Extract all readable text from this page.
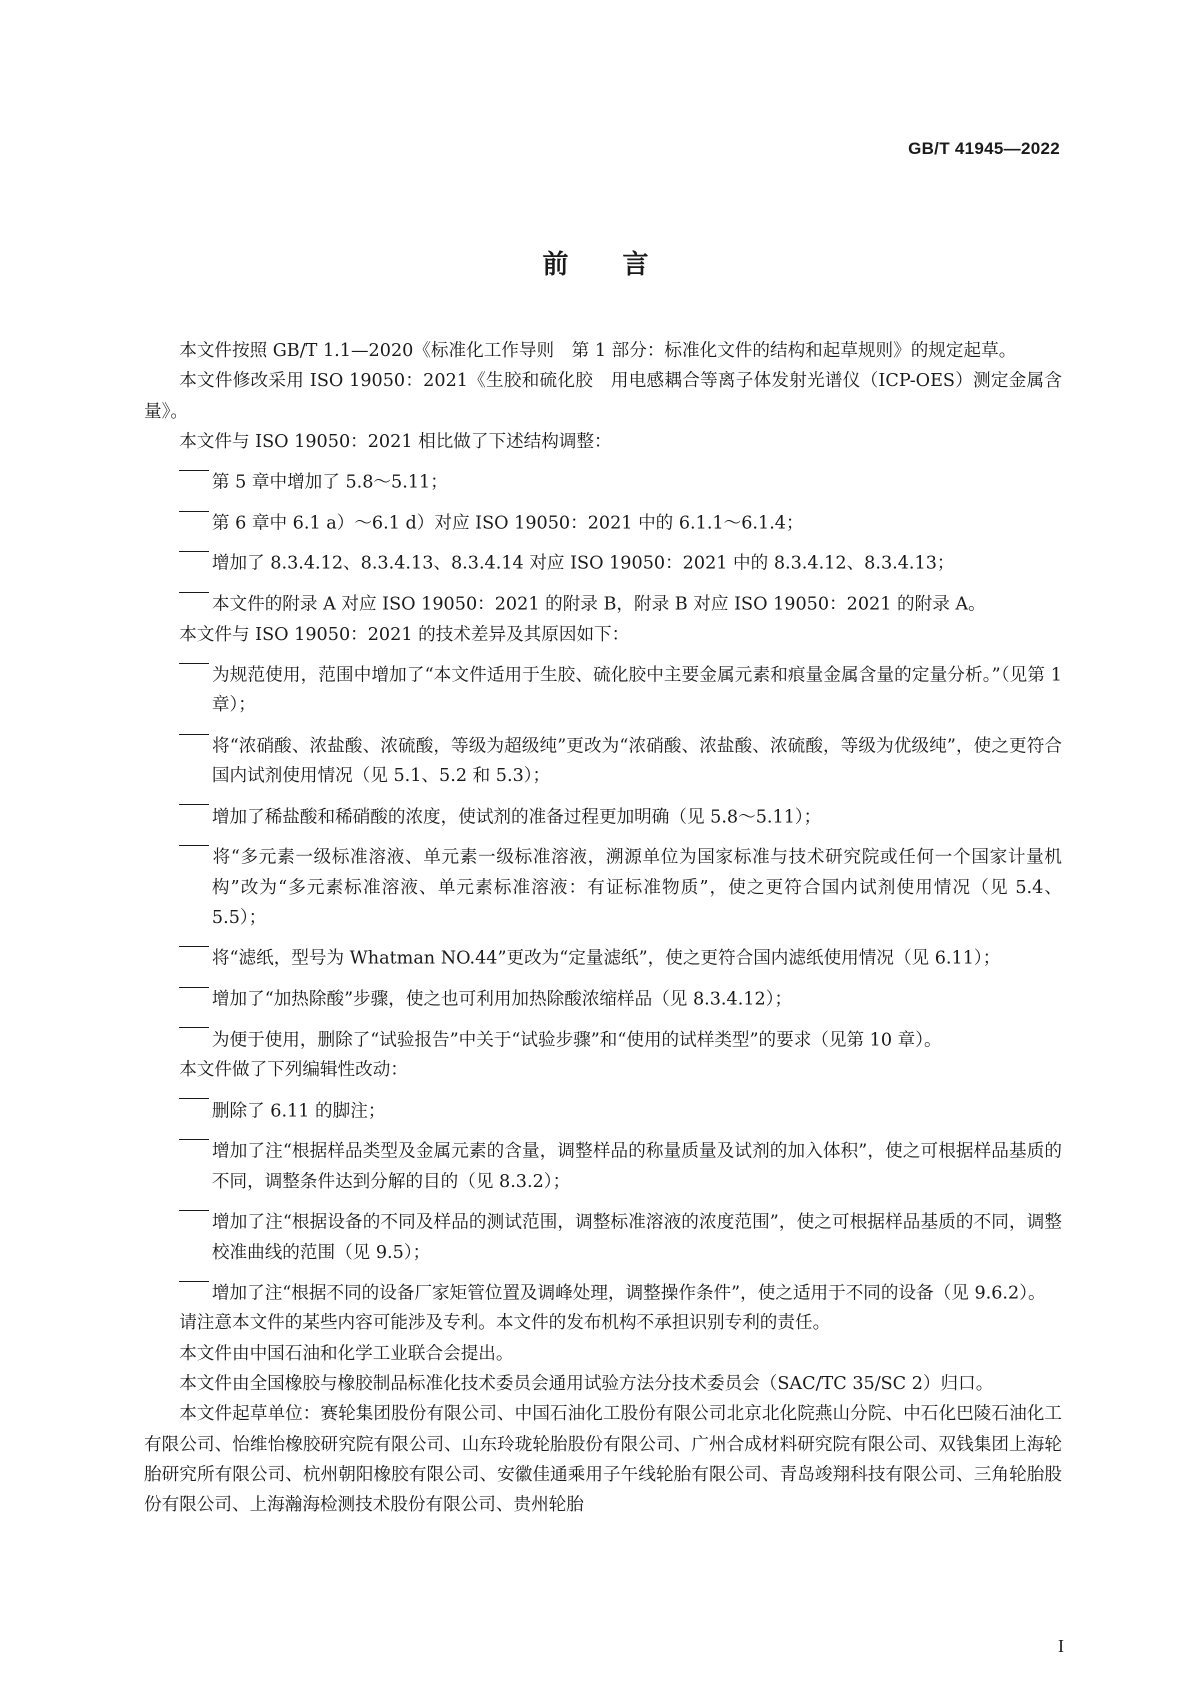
GB/T 41945—2022
前言

本文件按照 GB/T 1.1—2020《标准化工作导则　第 1 部分：标准化文件的结构和起草规则》的规定起草。

本文件修改采用 ISO 19050：2021《生胶和硫化胶　用电感耦合等离子体发射光谱仪（ICP-OES）测定金属含量》。

本文件与 ISO 19050：2021 相比做了下述结构调整：

第 5 章中增加了 5.8～5.11；

第 6 章中 6.1 a）～6.1 d）对应 ISO 19050：2021 中的 6.1.1～6.1.4；

增加了 8.3.4.12、8.3.4.13、8.3.4.14 对应 ISO 19050：2021 中的 8.3.4.12、8.3.4.13；

本文件的附录 A 对应 ISO 19050：2021 的附录 B，附录 B 对应 ISO 19050：2021 的附录 A。

本文件与 ISO 19050：2021 的技术差异及其原因如下：

为规范使用，范围中增加了“本文件适用于生胶、硫化胶中主要金属元素和痕量金属含量的定量分析。”（见第 1 章）；

将“浓硝酸、浓盐酸、浓硫酸，等级为超级纯”更改为“浓硝酸、浓盐酸、浓硫酸，等级为优级纯”，使之更符合国内试剂使用情况（见 5.1、5.2 和 5.3）；

增加了稀盐酸和稀硝酸的浓度，使试剂的准备过程更加明确（见 5.8～5.11）；

将“多元素一级标准溶液、单元素一级标准溶液，溯源单位为国家标准与技术研究院或任何一个国家计量机构”改为“多元素标准溶液、单元素标准溶液：有证标准物质”，使之更符合国内试剂使用情况（见 5.4、5.5）；

将“滤纸，型号为 Whatman NO.44”更改为“定量滤纸”，使之更符合国内滤纸使用情况（见 6.11）；

增加了“加热除酸”步骤，使之也可利用加热除酸浓缩样品（见 8.3.4.12）；

为便于使用，删除了“试验报告”中关于“试验步骤”和“使用的试样类型”的要求（见第 10 章）。

本文件做了下列编辑性改动：

删除了 6.11 的脚注；

增加了注“根据样品类型及金属元素的含量，调整样品的称量质量及试剂的加入体积”，使之可根据样品基质的不同，调整条件达到分解的目的（见 8.3.2）；

增加了注“根据设备的不同及样品的测试范围，调整标准溶液的浓度范围”，使之可根据样品基质的不同，调整校准曲线的范围（见 9.5）；

增加了注“根据不同的设备厂家矩管位置及调峰处理，调整操作条件”，使之适用于不同的设备（见 9.6.2）。

请注意本文件的某些内容可能涉及专利。本文件的发布机构不承担识别专利的责任。

本文件由中国石油和化学工业联合会提出。

本文件由全国橡胶与橡胶制品标准化技术委员会通用试验方法分技术委员会（SAC/TC 35/SC 2）归口。

本文件起草单位：赛轮集团股份有限公司、中国石油化工股份有限公司北京北化院燕山分院、中石化巴陵石油化工有限公司、怡维怡橡胶研究院有限公司、山东玲珑轮胎股份有限公司、广州合成材料研究院有限公司、双钱集团上海轮胎研究所有限公司、杭州朝阳橡胶有限公司、安徽佳通乘用子午线轮胎有限公司、青岛竣翔科技有限公司、三角轮胎股份有限公司、上海瀚海检测技术股份有限公司、贵州轮胎

I
